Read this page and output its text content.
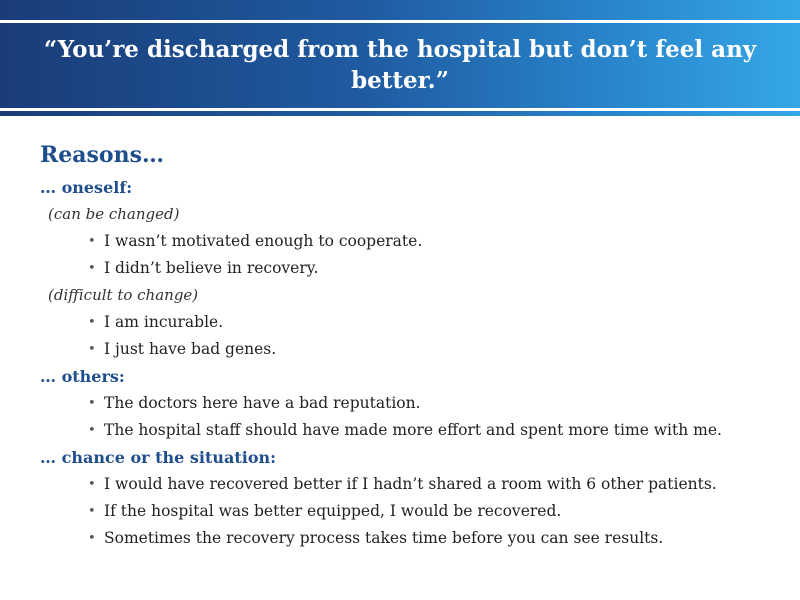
“You’re discharged from the hospital but don’t feel any better.”
Reasons…
… oneself:
(can be changed)
• I wasn’t motivated enough to cooperate.
• I didn’t believe in recovery.
(difficult to change)
• I am incurable.
• I just have bad genes.
… others:
• The doctors here have a bad reputation.
• The hospital staff should have made more effort and spent more time with me.
… chance or the situation:
• I would have recovered better if I hadn’t shared a room with 6 other patients.
• If the hospital was better equipped, I would be recovered.
• Sometimes the recovery process takes time before you can see results.
